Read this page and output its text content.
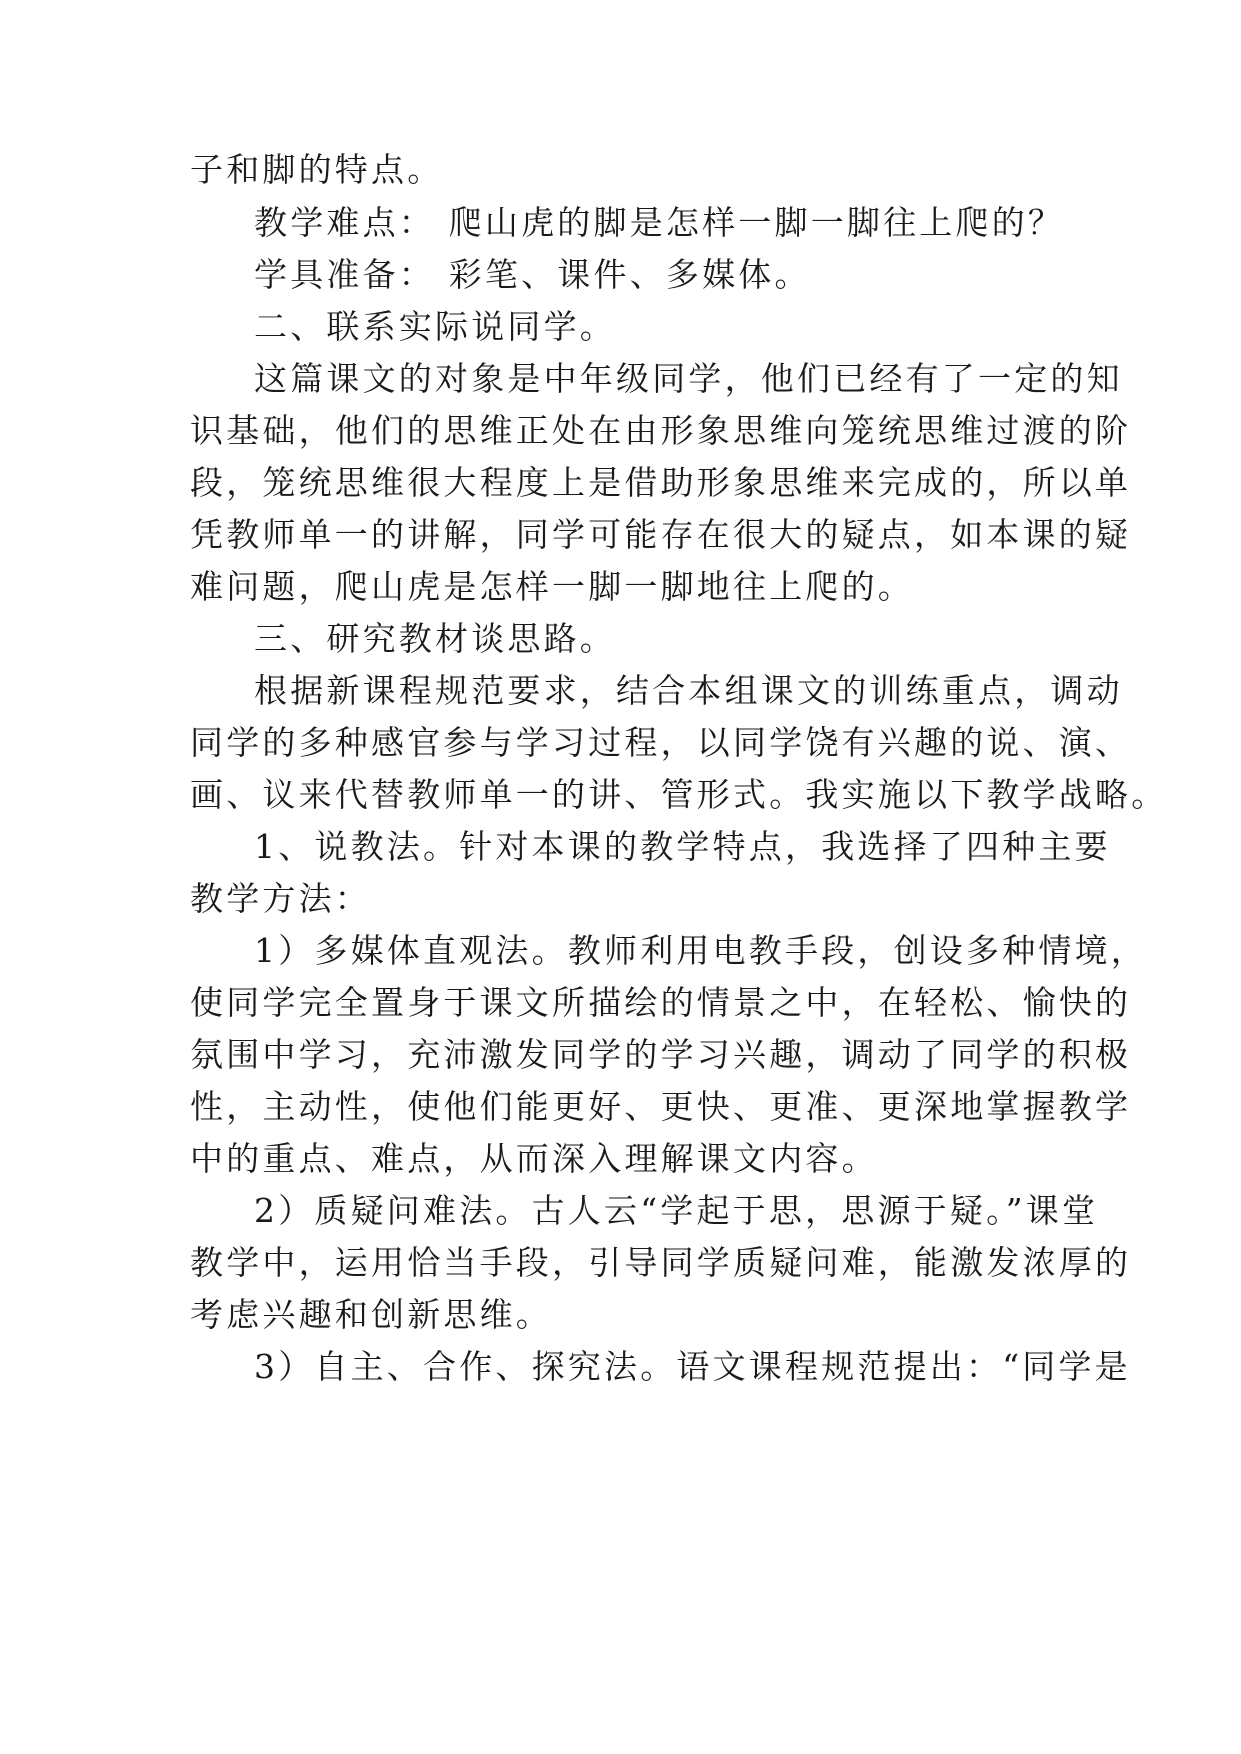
子和脚的特点。
教学难点： 爬山虎的脚是怎样一脚一脚往上爬的？
学具准备： 彩笔、课件、多媒体。
二、联系实际说同学。
这篇课文的对象是中年级同学，他们已经有了一定的知
识基础，他们的思维正处在由形象思维向笼统思维过渡的阶
段，笼统思维很大程度上是借助形象思维来完成的，所以单
凭教师单一的讲解，同学可能存在很大的疑点，如本课的疑
难问题，爬山虎是怎样一脚一脚地往上爬的。
三、研究教材谈思路。
根据新课程规范要求，结合本组课文的训练重点，调动
同学的多种感官参与学习过程，以同学饶有兴趣的说、演、
画、议来代替教师单一的讲、管形式。我实施以下教学战略。
1、说教法。针对本课的教学特点，我选择了四种主要
教学方法：
1）多媒体直观法。教师利用电教手段，创设多种情境，
使同学完全置身于课文所描绘的情景之中，在轻松、愉快的
氛围中学习，充沛激发同学的学习兴趣，调动了同学的积极
性，主动性，使他们能更好、更快、更准、更深地掌握教学
中的重点、难点，从而深入理解课文内容。
2）质疑问难法。古人云“学起于思，思源于疑。”课堂
教学中，运用恰当手段，引导同学质疑问难，能激发浓厚的
考虑兴趣和创新思维。
3）自主、合作、探究法。语文课程规范提出：“同学是
